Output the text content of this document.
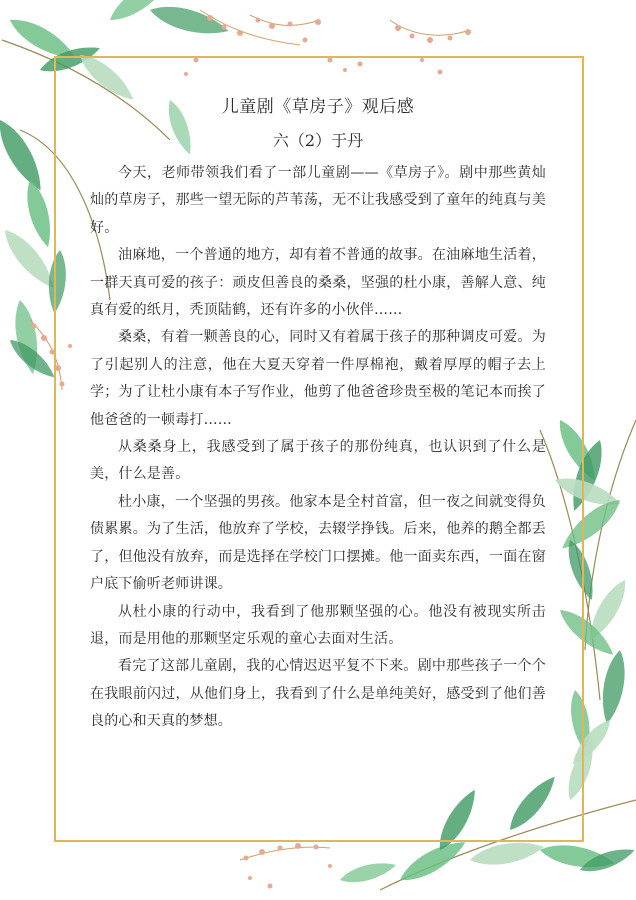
儿童剧《草房子》观后感
六（2）于丹

今天，老师带领我们看了一部儿童剧——《草房子》。剧中那些黄灿灿的草房子，那些一望无际的芦苇荡，无不让我感受到了童年的纯真与美好。

油麻地，一个普通的地方，却有着不普通的故事。在油麻地生活着，一群天真可爱的孩子：顽皮但善良的桑桑，坚强的杜小康，善解人意、纯真有爱的纸月，秃顶陆鹤，还有许多的小伙伴……

桑桑，有着一颗善良的心，同时又有着属于孩子的那种调皮可爱。为了引起别人的注意，他在大夏天穿着一件厚棉袍，戴着厚厚的帽子去上学；为了让杜小康有本子写作业，他剪了他爸爸珍贵至极的笔记本而挨了他爸爸的一顿毒打……

从桑桑身上，我感受到了属于孩子的那份纯真，也认识到了什么是美，什么是善。

杜小康，一个坚强的男孩。他家本是全村首富，但一夜之间就变得负债累累。为了生活，他放弃了学校，去辍学挣钱。后来，他养的鹅全都丢了，但他没有放弃，而是选择在学校门口摆摊。他一面卖东西，一面在窗户底下偷听老师讲课。

从杜小康的行动中，我看到了他那颗坚强的心。他没有被现实所击退，而是用他的那颗坚定乐观的童心去面对生活。

看完了这部儿童剧，我的心情迟迟平复不下来。剧中那些孩子一个个在我眼前闪过，从他们身上，我看到了什么是单纯美好，感受到了他们善良的心和天真的梦想。
